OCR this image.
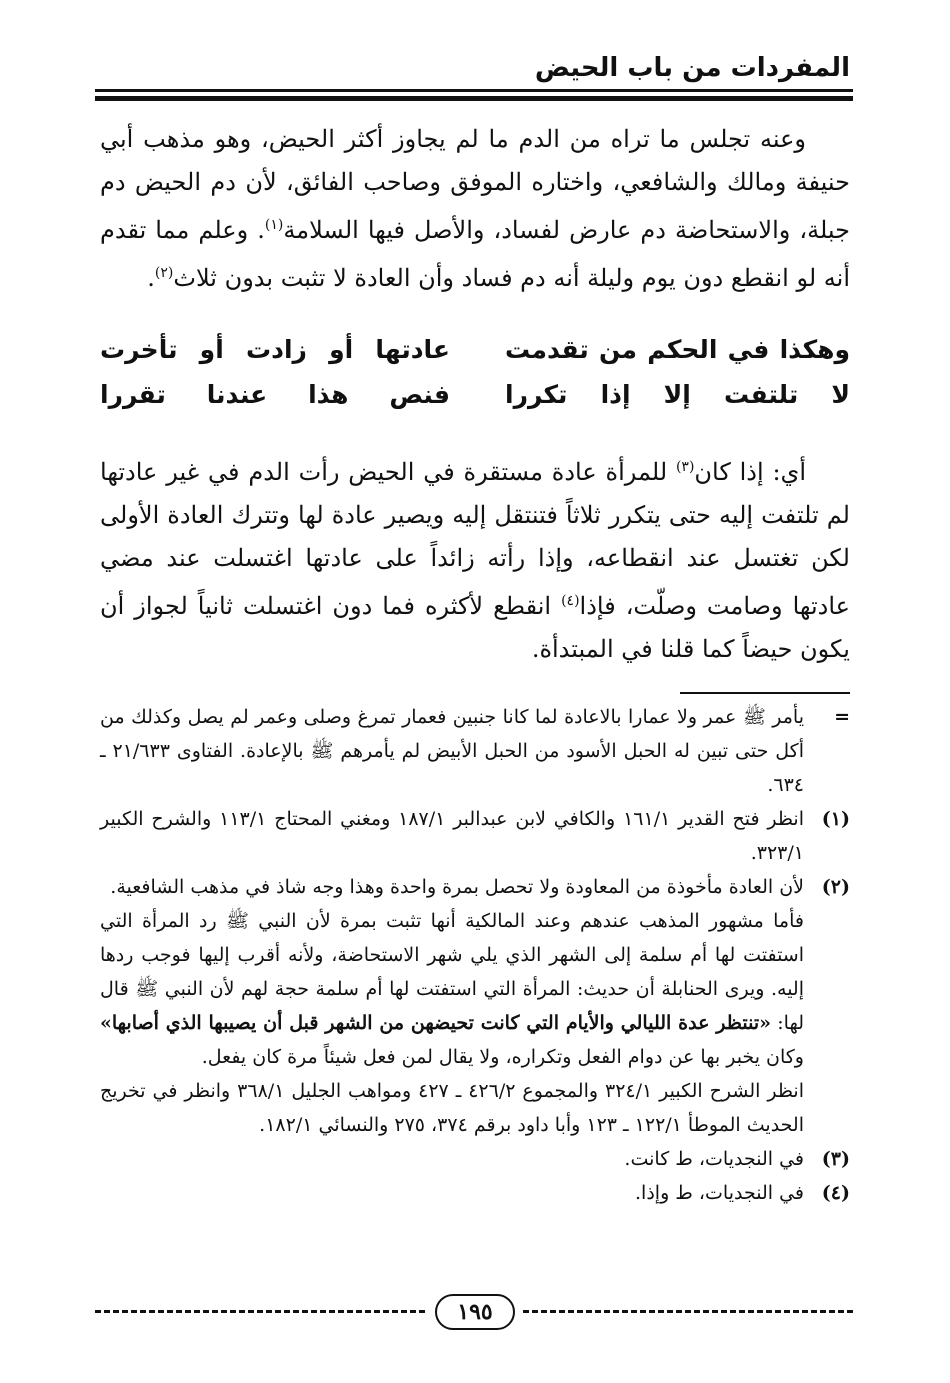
المفردات من باب الحيض

وعنه تجلس ما تراه من الدم ما لم يجاوز أكثر الحيض، وهو مذهب أبي حنيفة ومالك والشافعي، واختاره الموفق وصاحب الفائق، لأن دم الحيض دم جبلة، والاستحاضة دم عارض لفساد، والأصل فيها السلامة$^{(١)}$. وعلم مما تقدم أنه لو انقطع دون يوم وليلة أنه دم فساد وأن العادة لا تثبت بدون ثلاث$^{(٢)}$.

وهكذا في الحكم من تقدمت
عادتها أو زادت أو تأخرت
لا تلتفت إلا إذا تكررا
فنص هذا عندنا تقررا

أي: إذا كان$^{(٣)}$ للمرأة عادة مستقرة في الحيض رأت الدم في غير عادتها لم تلتفت إليه حتى يتكرر ثلاثاً فتنتقل إليه ويصير عادة لها وتترك العادة الأولى لكن تغتسل عند انقطاعه، وإذا رأته زائداً على عادتها اغتسلت عند مضي عادتها وصامت وصلّت، فإذا$^{(٤)}$ انقطع لأكثره فما دون اغتسلت ثانياً لجواز أن يكون حيضاً كما قلنا في المبتدأة.

=

يأمر ﷺ عمر ولا عمارا بالاعادة لما كانا جنبين فعمار تمرغ وصلى وعمر لم يصل وكذلك من أكل حتى تبين له الحبل الأسود من الحبل الأبيض لم يأمرهم ﷺ بالإعادة. الفتاوى ٢١/٦٣٣ ـ ٦٣٤.

(١)

انظر فتح القدير ١٦١/١ والكافي لابن عبدالبر ١٨٧/١ ومغني المحتاج ١١٣/١ والشرح الكبير ٣٢٣/١.

(٢)

لأن العادة مأخوذة من المعاودة ولا تحصل بمرة واحدة وهذا وجه شاذ في مذهب الشافعية.

فأما مشهور المذهب عندهم وعند المالكية أنها تثبت بمرة لأن النبي ﷺ رد المرأة التي استفتت لها أم سلمة إلى الشهر الذي يلي شهر الاستحاضة، ولأنه أقرب إليها فوجب ردها إليه. ويرى الحنابلة أن حديث: المرأة التي استفتت لها أم سلمة حجة لهم لأن النبي ﷺ قال لها: «تنتظر عدة الليالي والأيام التي كانت تحيضهن من الشهر قبل أن يصيبها الذي أصابها» وكان يخبر بها عن دوام الفعل وتكراره، ولا يقال لمن فعل شيئاً مرة كان يفعل.

انظر الشرح الكبير ٣٢٤/١ والمجموع ٤٢٦/٢ ـ ٤٢٧ ومواهب الجليل ٣٦٨/١ وانظر في تخريج الحديث الموطأ ١٢٢/١ ـ ١٢٣ وأبا داود برقم ٣٧٤، ٢٧٥ والنسائي ١٨٢/١.

(٣)

في النجديات، ط كانت.

(٤)

في النجديات، ط وإذا.

١٩٥
